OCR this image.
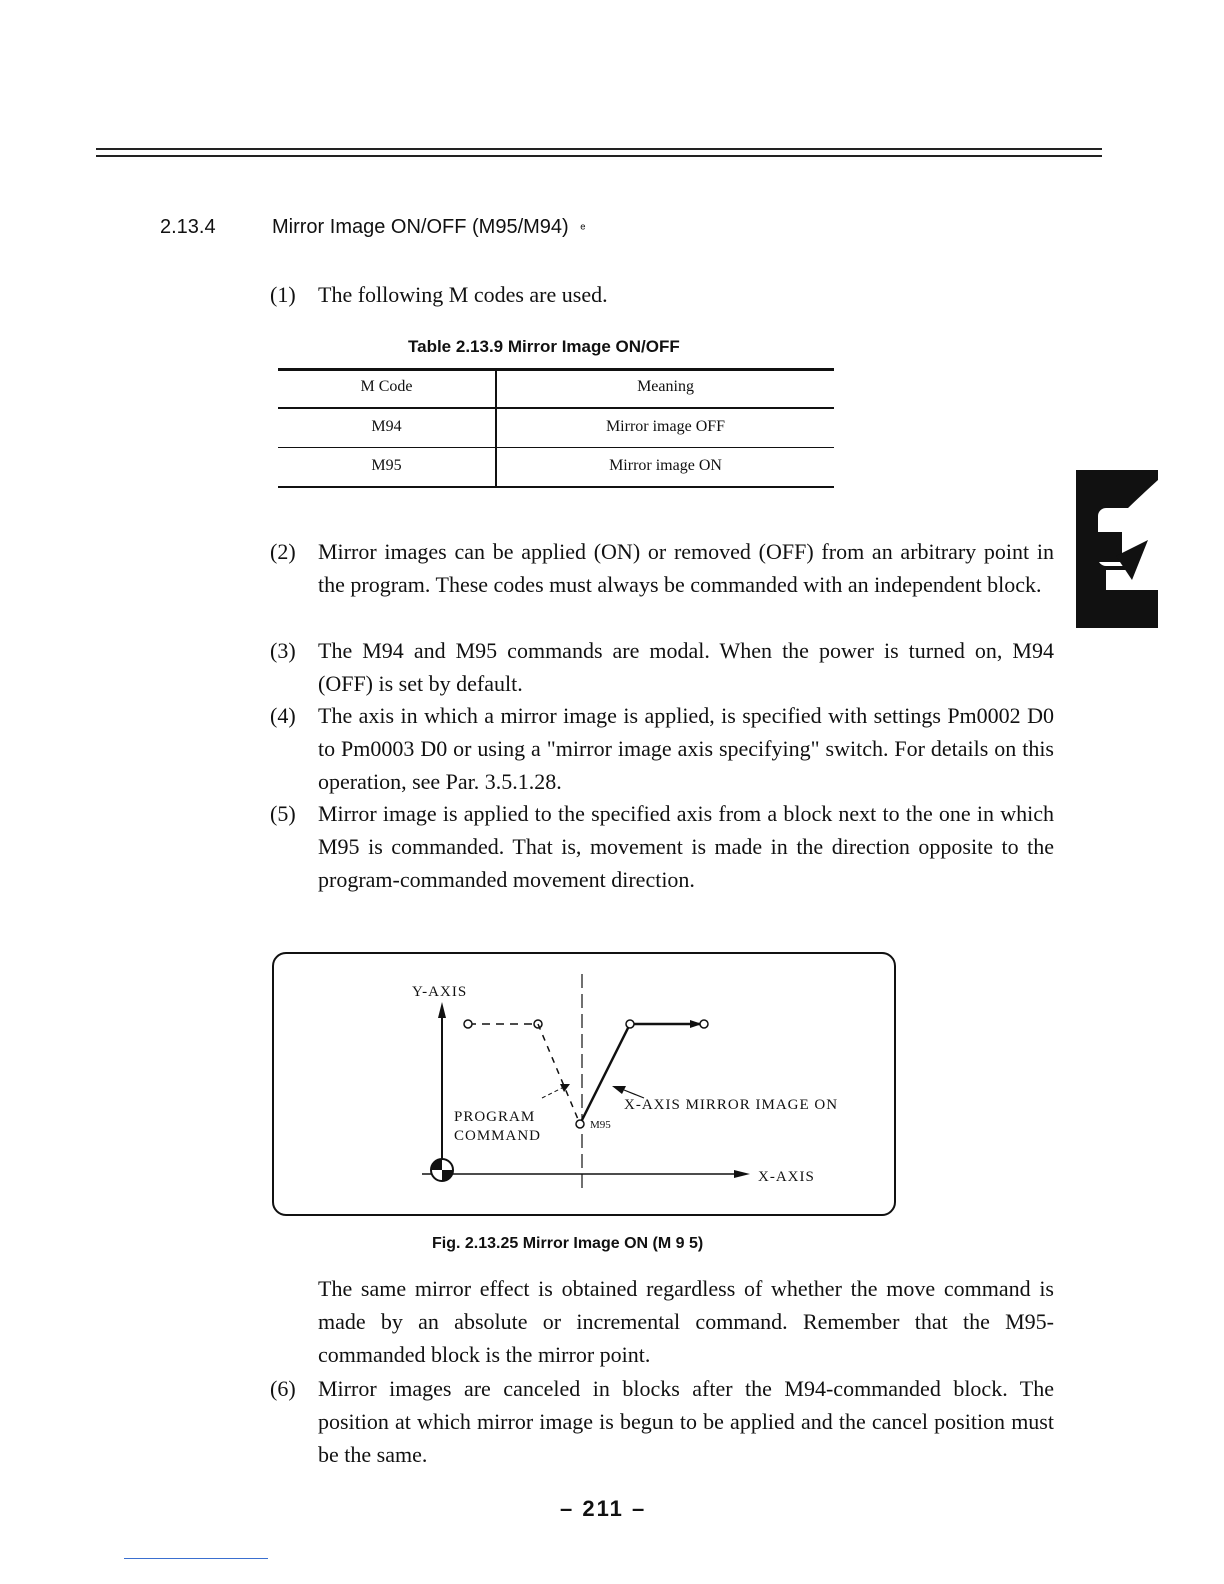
2.13.4	Mirror Image ON/OFF (M95/M94) ᵉ
(1)	The following M codes are used.
Table 2.13.9 Mirror Image ON/OFF
M Code	Meaning
M94	Mirror image OFF
M95	Mirror image ON
(2)	Mirror images can be applied (ON) or removed (OFF) from an arbitrary point in the program. These codes must always be commanded with an independent block.
(3)	The M94 and M95 commands are modal. When the power is turned on, M94 (OFF) is set by default.
(4)	The axis in which a mirror image is applied, is specified with settings Pm0002 D0 to Pm0003 D0 or using a "mirror image axis specifying" switch. For details on this operation, see Par. 3.5.1.28.
(5)	Mirror image is applied to the specified axis from a block next to the one in which M95 is commanded. That is, movement is made in the direction opposite to the program-commanded movement direction.
Y-AXIS
X-AXIS
PROGRAM
COMMAND
X-AXIS MIRROR IMAGE ON
M95
Fig. 2.13.25 Mirror Image ON (M 9 5)
The same mirror effect is obtained regardless of whether the move command is made by an absolute or incremental command. Remember that the M95-commanded block is the mirror point.
(6)	Mirror images are canceled in blocks after the M94-commanded block. The position at which mirror image is begun to be applied and the cancel position must be the same.
– 211 –
